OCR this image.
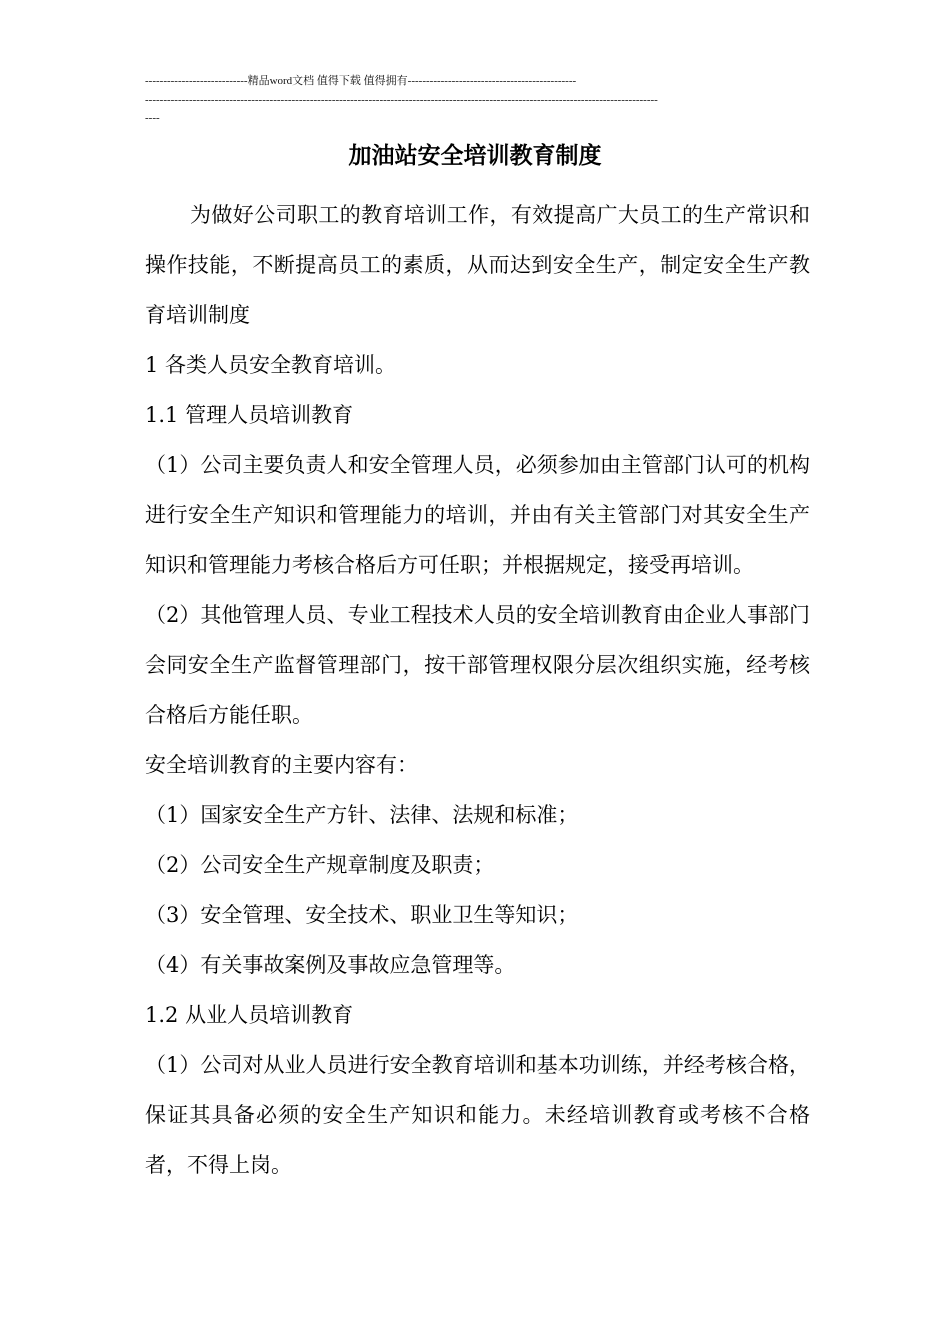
----------------------------精品word文档 值得下载 值得拥有----------------------------------------------
--------------------------------------------------------------------------------------------------------------------------------------------
----
加油站安全培训教育制度

为做好公司职工的教育培训工作，有效提高广大员工的生产常识和操作技能，不断提高员工的素质，从而达到安全生产，制定安全生产教育培训制度

1 各类人员安全教育培训。

1.1 管理人员培训教育

（1）公司主要负责人和安全管理人员，必须参加由主管部门认可的机构进行安全生产知识和管理能力的培训，并由有关主管部门对其安全生产知识和管理能力考核合格后方可任职；并根据规定，接受再培训。

（2）其他管理人员、专业工程技术人员的安全培训教育由企业人事部门会同安全生产监督管理部门，按干部管理权限分层次组织实施，经考核合格后方能任职。

安全培训教育的主要内容有：

（1）国家安全生产方针、法律、法规和标准；

（2）公司安全生产规章制度及职责；

（3）安全管理、安全技术、职业卫生等知识；

（4）有关事故案例及事故应急管理等。

1.2 从业人员培训教育

（1）公司对从业人员进行安全教育培训和基本功训练，并经考核合格，保证其具备必须的安全生产知识和能力。未经培训教育或考核不合格者，不得上岗。
